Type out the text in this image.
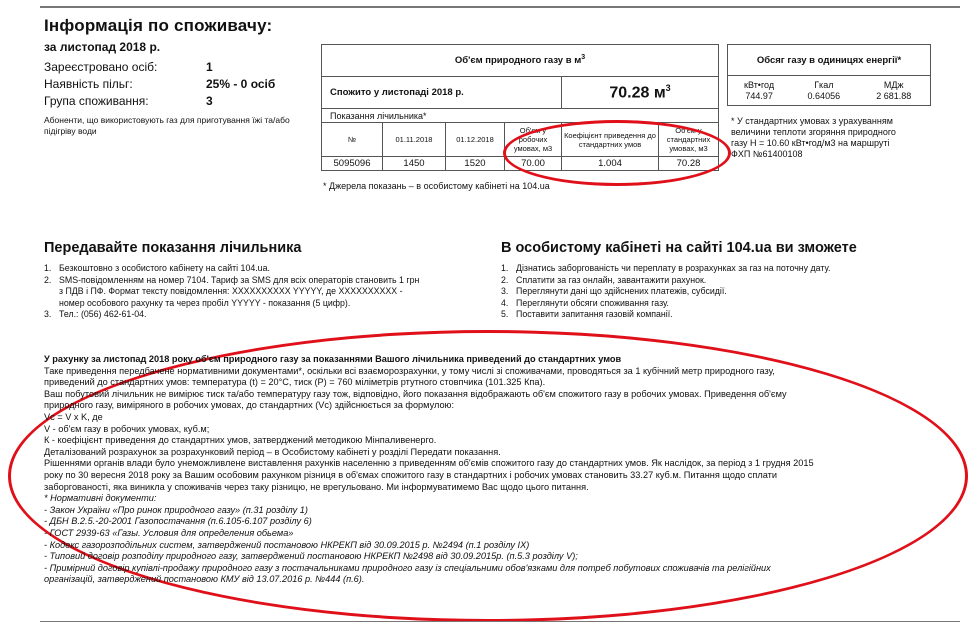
Інформація по споживачу:
за листопад 2018 р.
Зареєстровано осіб:	1
Наявність пільг:	25% - 0 осіб
Група споживання:	3
Абоненти, що використовують газ для приготування їжі та/або підігріву води
Об'єм природного газу в $м^3$
Спожито у листопаді 2018 р.				70.28 $м^3$
Показання лічильника*					
№	01.11.2018	01.12.2018	Об'єм у робочих умовах, м3	Коефіцієнт приведення до стандартних умов	Об'єм у стандартних умовах, м3
5095096	1450	1520	70.00	1.004	70.28
* Джерела показань – в особистому кабінеті на 104.ua
Обсяг газу в одиницях енергії*

кВт•год	Гкал	МДж
744.97	0.64056	2 681.88
* У стандартних умовах з урахуванням
величини теплоти згоряння природного
газу H = 10.60 кВт•год/м3 на маршруті
ФХП №61400108
Передавайте показання лічильника
1. Безкоштовно з особистого кабінету на сайті 104.ua.
2. SMS-повідомленням на номер 7104. Тариф за SMS для всіх операторів становить 1 грн
з ПДВ і ПФ. Формат тексту повідомлення: XXXXXXXXXX YYYYY, де XXXXXXXXXX -
номер особового рахунку та через пробіл YYYYY - показання (5 цифр).
3. Тел.: (056) 462-61-04.
В особистому кабінеті на сайті 104.ua ви зможете
1. Дізнатись заборгованість чи переплату в розрахунках за газ на поточну дату.
2. Сплатити за газ онлайн, завантажити рахунок.
3. Переглянути дані що здійснених платежів, субсидії.
4. Переглянути обсяги споживання газу.
5. Поставити запитання газовій компанії.
У рахунку за листопад 2018 року об'єм природного газу за показаннями Вашого лічильника приведений до стандартних умов
Таке приведення передбачене нормативними документами*, оскільки всі взаєморозрахунки, у тому числі зі споживачами, проводяться за 1 кубічний метр природного газу,
приведений до стандартних умов: температура (t) = 20°С, тиск (P) = 760 міліметрів ртутного стовпчика (101.325 Кпа).
Ваш побутовий лічильник не вимірює тиск та/або температуру газу тож, відповідно, його показання відображають об'єм спожитого газу в робочих умовах. Приведення об'єму
природного газу, виміряного в робочих умовах, до стандартних (Vc) здійснюється за формулою:
Vc = V x K, де
V - об'єм газу в робочих умовах, куб.м;
К - коефіцієнт приведення до стандартних умов, затверджений методикою Мінпаливенерго.
Деталізований розрахунок за розрахунковий період – в Особистому кабінеті у розділі Передати показання.
Рішеннями органів влади було унеможливлене виставлення рахунків населенню з приведенням об'ємів спожитого газу до стандартних умов. Як наслідок, за період з 1 грудня 2015
року по 30 вересня 2018 року за Вашим особовим рахунком різниця в об'ємах спожитого газу в стандартних і робочих умовах становить 33.27 куб.м. Питання щодо сплати
заборгованості, яка виникла у споживачів через таку різницю, не врегульовано. Ми інформуватимемо Вас щодо цього питання.
* Нормативні документи:
- Закон України «Про ринок природного газу» (п.31 розділу 1)
- ДБН В.2.5.-20-2001 Газопостачання (п.6.105-6.107 розділу 6)
- ГОСТ 2939-63 «Газы. Условия для определения обьема»
- Кодекс газорозподільних систем, затверджений постановою НКРЕКП від 30.09.2015 р. №2494 (п.1 розділу IX)
- Типовий договір розподілу природного газу, затверджений постановою НКРЕКП №2498 від 30.09.2015р. (п.5.3 розділу V);
- Примірний договір купівлі-продажу природного газу з постачальниками природного газу із спеціальними обов'язками для потреб побутових споживачів та релігійних
організацій, затверджений постановою КМУ від 13.07.2016 р. №444 (п.6).
